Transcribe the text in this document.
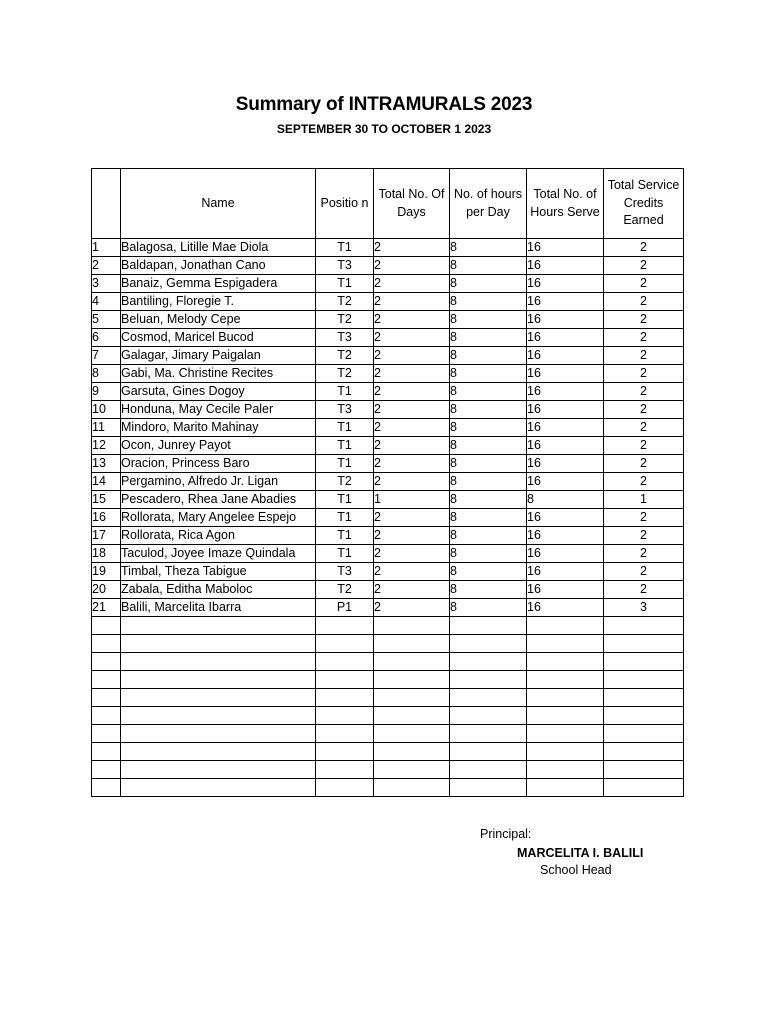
Summary of INTRAMURALS 2023
SEPTEMBER 30 TO OCTOBER 1 2023
	Name	Positio n	Total No. Of Days	No. of hours per Day	Total No. of Hours Serve	Total Service Credits Earned
1	Balagosa, Litille Mae Diola	T1	2	8	16	2
2	Baldapan, Jonathan Cano	T3	2	8	16	2
3	Banaiz, Gemma Espigadera	T1	2	8	16	2
4	Bantiling, Floregie T.	T2	2	8	16	2
5	Beluan, Melody Cepe	T2	2	8	16	2
6	Cosmod, Maricel Bucod	T3	2	8	16	2
7	Galagar, Jimary Paigalan	T2	2	8	16	2
8	Gabi, Ma. Christine Recites	T2	2	8	16	2
9	Garsuta, Gines Dogoy	T1	2	8	16	2
10	Honduna, May Cecile Paler	T3	2	8	16	2
11	Mindoro, Marito Mahinay	T1	2	8	16	2
12	Ocon, Junrey Payot	T1	2	8	16	2
13	Oracion, Princess Baro	T1	2	8	16	2
14	Pergamino, Alfredo Jr. Ligan	T2	2	8	16	2
15	Pescadero, Rhea Jane Abadies	T1	1	8	8	1
16	Rollorata, Mary Angelee Espejo	T1	2	8	16	2
17	Rollorata, Rica Agon	T1	2	8	16	2
18	Taculod, Joyee Imaze Quindala	T1	2	8	16	2
19	Timbal, Theza Tabigue	T3	2	8	16	2
20	Zabala, Editha Maboloc	T2	2	8	16	2
21	Balili, Marcelita Ibarra	P1	2	8	16	3

Principal:
MARCELITA I. BALILI
School Head
